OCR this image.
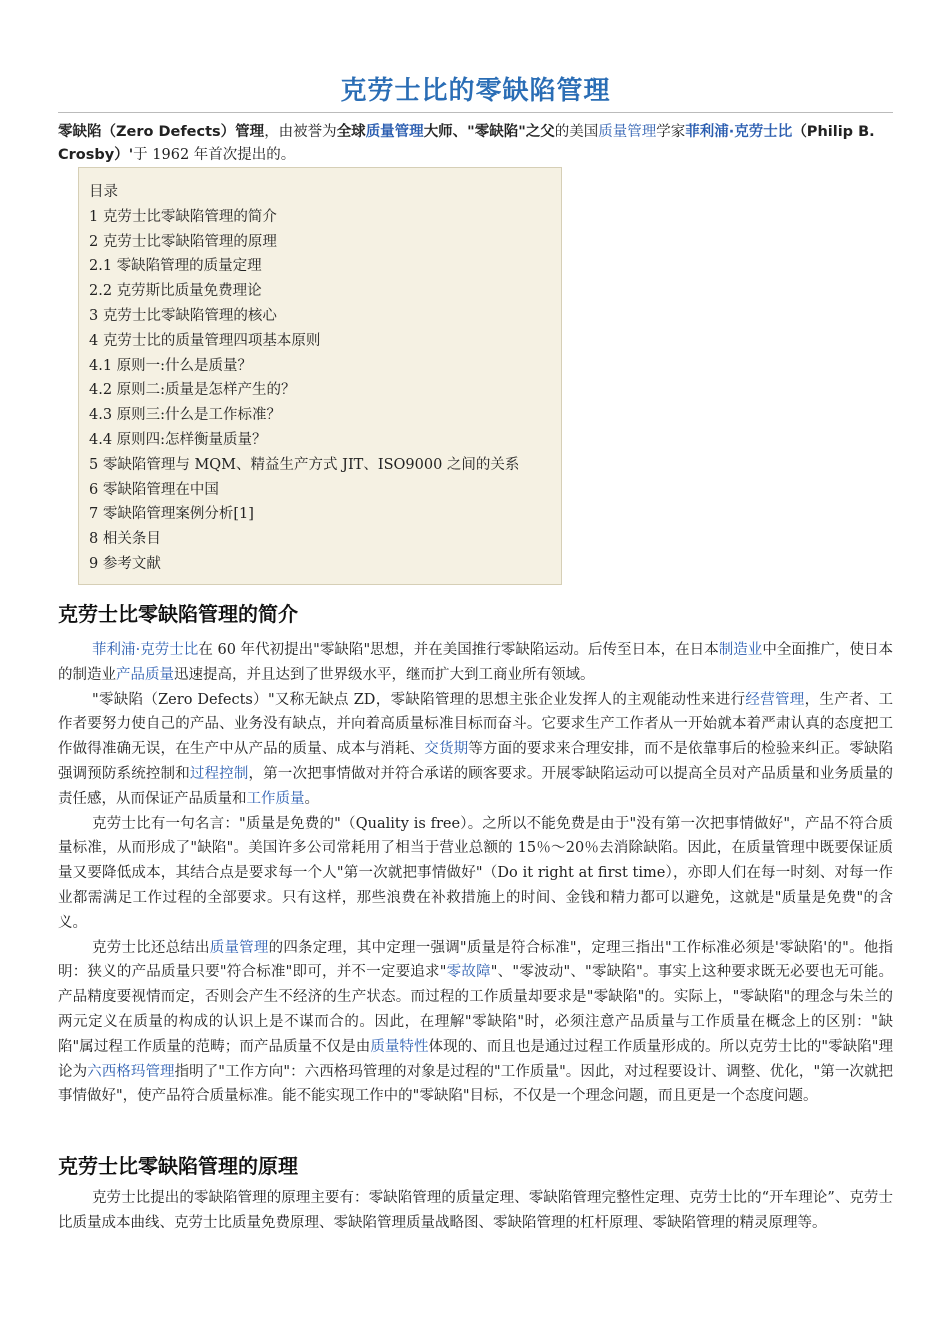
克劳士比的零缺陷管理

零缺陷（Zero Defects）管理，由被誉为全球质量管理大师、"零缺陷"之父的美国质量管理学家菲利浦·克劳士比（Philip B. Crosby）'于 1962 年首次提出的。

目录
1 克劳士比零缺陷管理的简介
2 克劳士比零缺陷管理的原理
2.1 零缺陷管理的质量定理
2.2 克劳斯比质量免费理论
3 克劳士比零缺陷管理的核心
4 克劳士比的质量管理四项基本原则
4.1 原则一:什么是质量？
4.2 原则二:质量是怎样产生的？
4.3 原则三:什么是工作标准？
4.4 原则四:怎样衡量质量？
5 零缺陷管理与 MQM、精益生产方式 JIT、ISO9000 之间的关系
6 零缺陷管理在中国
7 零缺陷管理案例分析[1]
8 相关条目
9 参考文献
克劳士比零缺陷管理的简介

菲利浦·克劳士比在 60 年代初提出"零缺陷"思想，并在美国推行零缺陷运动。后传至日本，在日本制造业中全面推广，使日本的制造业产品质量迅速提高，并且达到了世界级水平，继而扩大到工商业所有领域。

"零缺陷（Zero Defects）"又称无缺点 ZD，零缺陷管理的思想主张企业发挥人的主观能动性来进行经营管理，生产者、工作者要努力使自己的产品、业务没有缺点，并向着高质量标准目标而奋斗。它要求生产工作者从一开始就本着严肃认真的态度把工作做得准确无误，在生产中从产品的质量、成本与消耗、交货期等方面的要求来合理安排，而不是依靠事后的检验来纠正。零缺陷强调预防系统控制和过程控制，第一次把事情做对并符合承诺的顾客要求。开展零缺陷运动可以提高全员对产品质量和业务质量的责任感，从而保证产品质量和工作质量。

克劳士比有一句名言："质量是免费的"（Quality is free）。之所以不能免费是由于"没有第一次把事情做好"，产品不符合质量标准，从而形成了"缺陷"。美国许多公司常耗用了相当于营业总额的 15％～20％去消除缺陷。因此，在质量管理中既要保证质量又要降低成本，其结合点是要求每一个人"第一次就把事情做好"（Do it right at first time），亦即人们在每一时刻、对每一作业都需满足工作过程的全部要求。只有这样，那些浪费在补救措施上的时间、金钱和精力都可以避免，这就是"质量是免费"的含义。

克劳士比还总结出质量管理的四条定理，其中定理一强调"质量是符合标准"，定理三指出"工作标准必须是'零缺陷'的"。他指明：狭义的产品质量只要"符合标准"即可，并不一定要追求"零故障"、"零波动"、"零缺陷"。事实上这种要求既无必要也无可能。产品精度要视情而定，否则会产生不经济的生产状态。而过程的工作质量却要求是"零缺陷"的。实际上，"零缺陷"的理念与朱兰的两元定义在质量的构成的认识上是不谋而合的。因此，在理解"零缺陷"时，必须注意产品质量与工作质量在概念上的区别："缺陷"属过程工作质量的范畴；而产品质量不仅是由质量特性体现的、而且也是通过过程工作质量形成的。所以克劳士比的"零缺陷"理论为六西格玛管理指明了"工作方向"：六西格玛管理的对象是过程的"工作质量"。因此，对过程要设计、调整、优化，"第一次就把事情做好"，使产品符合质量标准。能不能实现工作中的"零缺陷"目标，不仅是一个理念问题，而且更是一个态度问题。

克劳士比零缺陷管理的原理

克劳士比提出的零缺陷管理的原理主要有：零缺陷管理的质量定理、零缺陷管理完整性定理、克劳士比的“开车理论”、克劳士比质量成本曲线、克劳士比质量免费原理、零缺陷管理质量战略图、零缺陷管理的杠杆原理、零缺陷管理的精灵原理等。
